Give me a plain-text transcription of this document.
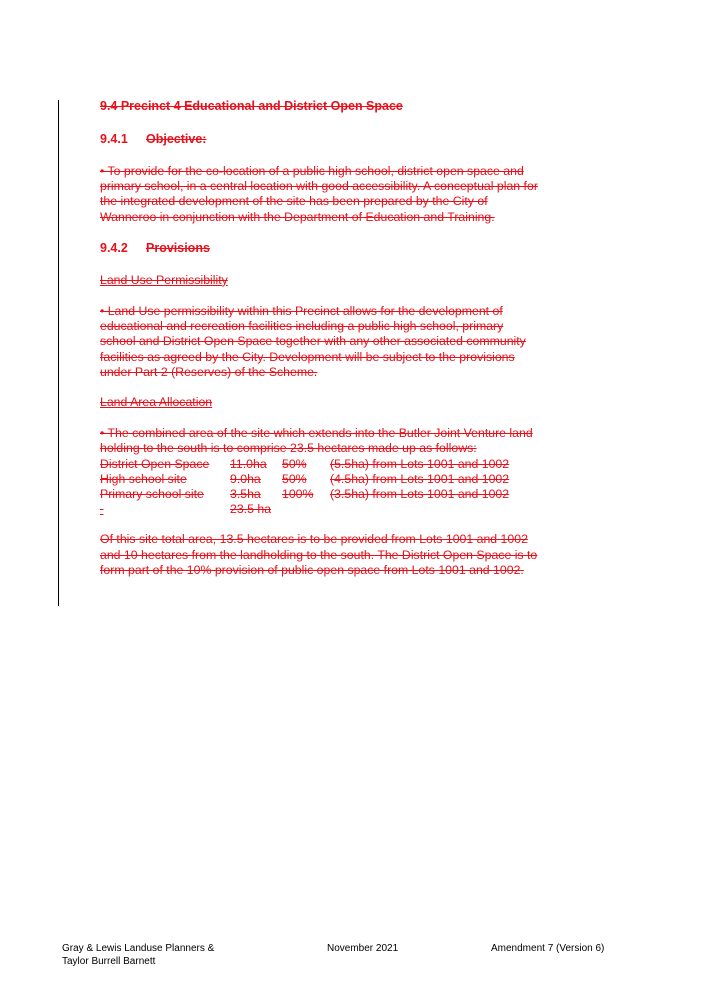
9.4 Precinct 4 Educational and District Open Space
9.4.1 Objective:
• To provide for the co-location of a public high school, district open space and primary school, in a central location with good accessibility. A conceptual plan for the integrated development of the site has been prepared by the City of Wanneroo in conjunction with the Department of Education and Training.
9.4.2 Provisions
Land Use Permissibility
• Land Use permissibility within this Precinct allows for the development of educational and recreation facilities including a public high school, primary school and District Open Space together with any other associated community facilities as agreed by the City. Development will be subject to the provisions under Part 2 (Reserves) of the Scheme.
Land Area Allocation
• The combined area of the site which extends into the Butler Joint Venture land holding to the south is to comprise 23.5 hectares made up as follows:
District Open Space 11.0ha 50% (5.5ha) from Lots 1001 and 1002
High school site	9.0ha 50% (4.5ha) from Lots 1001 and 1002
Primary school site 3.5ha 100% (3.5ha) from Lots 1001 and 1002
23.5 ha
Of this site total area, 13.5 hectares is to be provided from Lots 1001 and 1002 and 10 hectares from the landholding to the south. The District Open Space is to form part of the 10% provision of public open space from Lots 1001 and 1002.
Gray & Lewis Landuse Planners &
Taylor Burrell Barnett
November 2021	Amendment 7 (Version 6)
